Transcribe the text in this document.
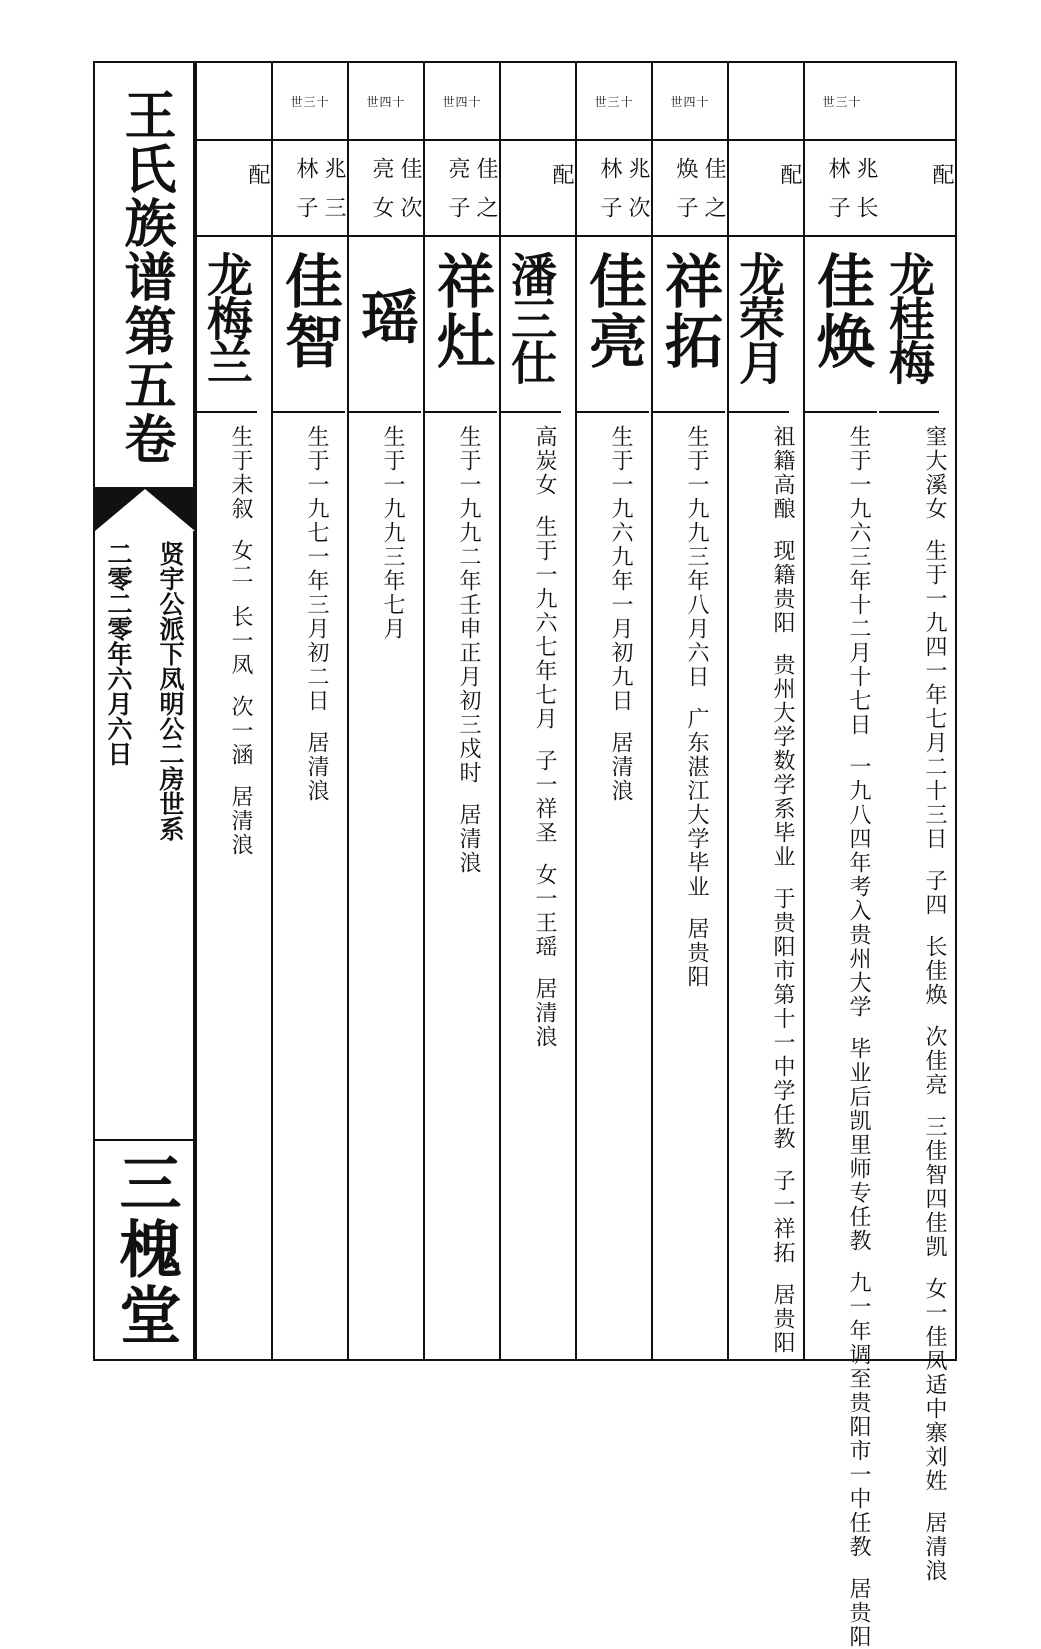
王氏族谱第五卷
贤宇公派下凤明公二房世系
二零二零年六月六日
三槐堂
配
龙桂梅
窐大溪女  生于一九四一年七月二十三日  子四  长佳焕  次佳亮  三佳智四佳凯  女一佳凤适中寨刘姓  居清浪
世三十
兆林
长子
佳焕
生于一九六三年十二月十七日  一九八四年考入贵州大学  毕业后凯里师专任教  九一年调至贵阳市一中任教  居贵阳
配
龙荣月
祖籍高酿  现籍贵阳  贵州大学数学系毕业  于贵阳市第十一中学任教  子一祥拓  居贵阳
世四十
佳焕
之子
祥拓
生于一九九三年八月六日  广东湛江大学毕业  居贵阳
世三十
兆林
次子
佳亮
生于一九六九年一月初九日  居清浪
配
潘三仕
高炭女  生于一九六七年七月  子一祥圣  女一王瑶  居清浪
世四十
佳亮
之子
祥灶
生于一九九二年壬申正月初三戍时  居清浪
世四十
佳亮
次女
瑶
生于一九九三年七月
世三十
兆林
三子
佳智
生于一九七一年三月初二日  居清浪
配
龙梅兰
生于未叙  女二  长一凤  次一涵  居清浪
